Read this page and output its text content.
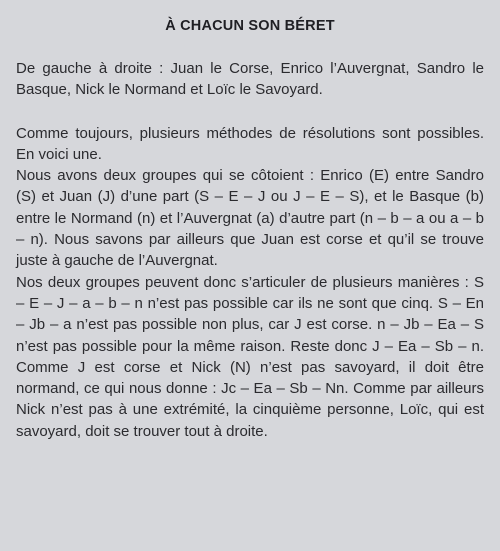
À CHACUN SON BÉRET

De gauche à droite : Juan le Corse, Enrico l’Auvergnat, Sandro le Basque, Nick le Normand et Loïc le Savoyard.

Comme toujours, plusieurs méthodes de résolutions sont possibles. En voici une.

Nous avons deux groupes qui se côtoient : Enrico (E) entre Sandro (S) et Juan (J) d’une part (S – E – J ou J – E – S), et le Basque (b) entre le Normand (n) et l’Auvergnat (a) d’autre part (n – b – a ou a – b – n). Nous savons par ailleurs que Juan est corse et qu’il se trouve juste à gauche de l’Auvergnat.

Nos deux groupes peuvent donc s’articuler de plusieurs manières : S – E – J – a – b – n n’est pas possible car ils ne sont que cinq. S – En – Jb – a n’est pas possible non plus, car J est corse. n – Jb – Ea – S n’est pas possible pour la même raison. Reste donc J – Ea – Sb – n. Comme J est corse et Nick (N) n’est pas savoyard, il doit être normand, ce qui nous donne : Jc – Ea – Sb – Nn. Comme par ailleurs Nick n’est pas à une extrémité, la cinquième personne, Loïc, qui est savoyard, doit se trouver tout à droite.
